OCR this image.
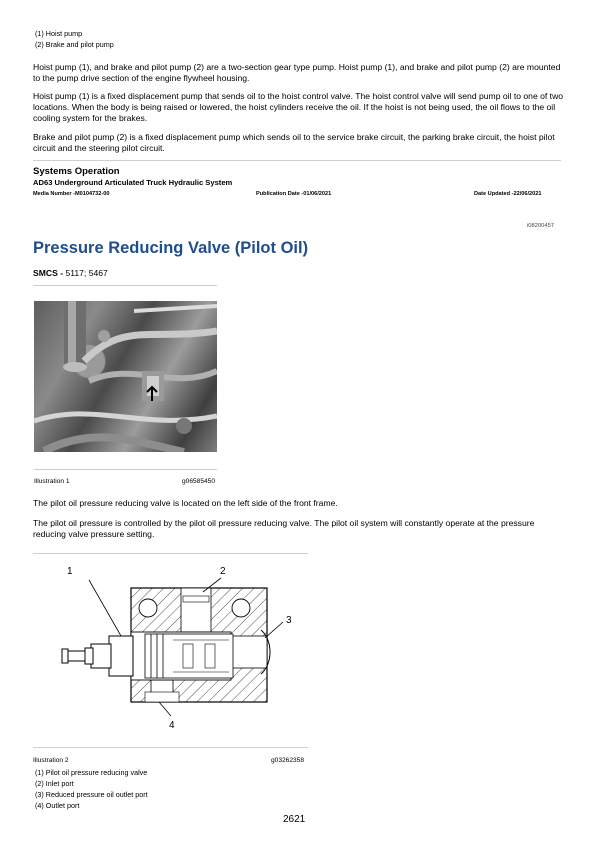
(1) Hoist pump
(2) Brake and pilot pump
Hoist pump (1), and brake and pilot pump (2) are a two-section gear type pump. Hoist pump (1), and brake and pilot pump (2) are mounted to the pump drive section of the engine flywheel housing.
Hoist pump (1) is a fixed displacement pump that sends oil to the hoist control valve. The hoist control valve will send pump oil to one of two locations. When the body is being raised or lowered, the hoist cylinders receive the oil. If the hoist is not being used, the oil flows to the oil cooling system for the brakes.
Brake and pilot pump (2) is a fixed displacement pump which sends oil to the service brake circuit, the parking brake circuit, the hoist pilot circuit and the steering pilot circuit.
Systems Operation
AD63 Underground Articulated Truck Hydraulic System
Media Number -M0104732-00	Publication Date -01/06/2021	Date Updated -22/06/2021
i08200457
Pressure Reducing Valve (Pilot Oil)
SMCS - 5117; 5467
Illustration 1	g06585450
The pilot oil pressure reducing valve is located on the left side of the front frame.
The pilot oil pressure is controlled by the pilot oil pressure reducing valve. The pilot oil system will constantly operate at the pressure reducing valve pressure setting.
1	2
3
4
Illustration 2	g03262358
(1) Pilot oil pressure reducing valve
(2) Inlet port
(3) Reduced pressure oil outlet port
(4) Outlet port
2621
